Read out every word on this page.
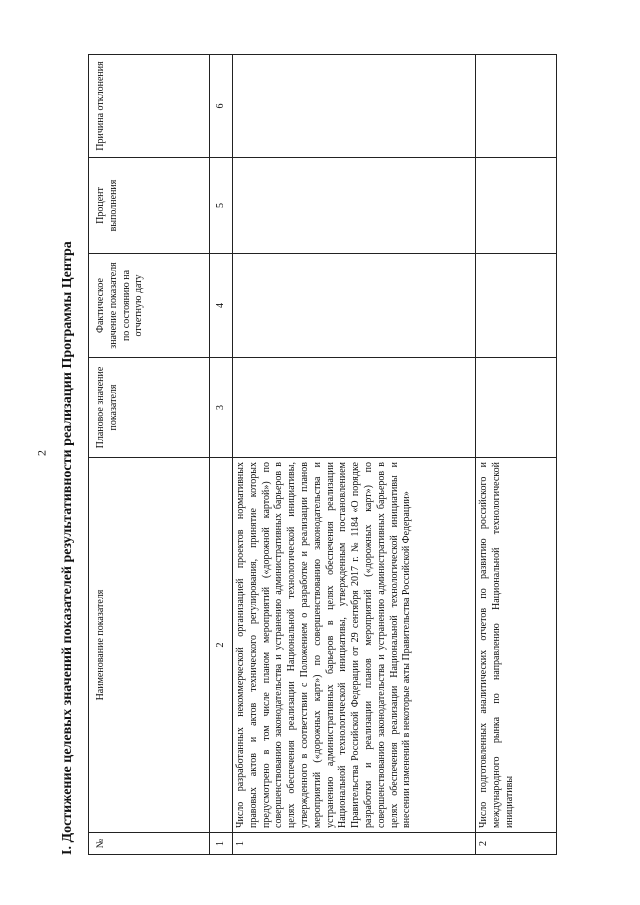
2 I. Достижение целевых значений показателей результативности реализации Программы Центра №	Наименование показателя	Плановое значение показателя	Фактическое значение показателя по состоянию на отчетную дату	Процент выполнения	Причина отклонения
1	2	3	4	5	6
1	Число разработанных некоммерческой организацией проектов нормативных правовых актов и актов технического регулирования, принятие которых предусмотрено в том числе планом мероприятий («дорожной картой») по совершенствованию законодательства и устранению административных барьеров в целях обеспечения реализации Национальной технологической инициативы, утвержденного в соответствии с Положением о разработке и реализации планов мероприятий («дорожных карт») по совершенствованию законодательства и устранению административных барьеров в целях обеспечения реализации Национальной технологической инициативы, утвержденным постановлением Правительства Российской Федерации от 29 сентября 2017 г. № 1184 «О порядке разработки и реализации планов мероприятий («дорожных карт») по совершенствованию законодательства и устранению административных барьеров в целях обеспечения реализации Национальной технологической инициативы и внесении изменений в некоторые акты Правительства Российской Федерации»				
2	Число подготовленных аналитических отчетов по развитию российского и международного рынка по направлению Национальной технологической инициативы				
